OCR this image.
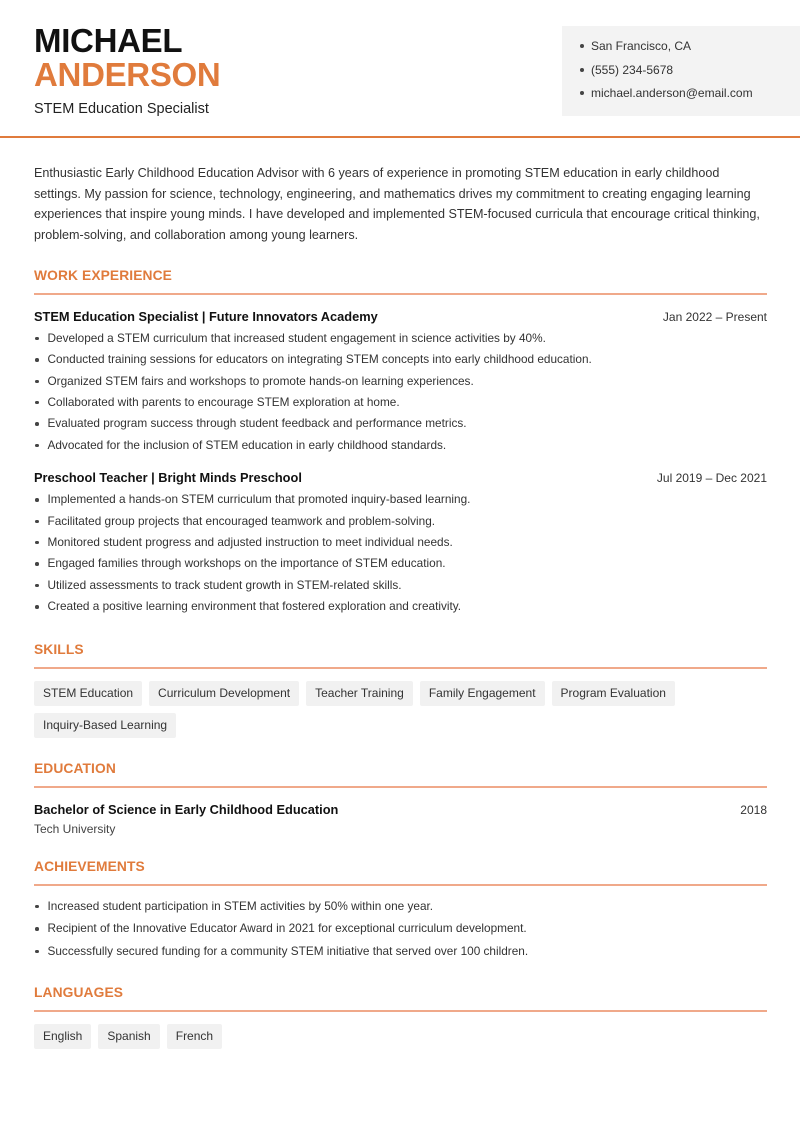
MICHAEL
ANDERSON
STEM Education Specialist
San Francisco, CA
(555) 234-5678
michael.anderson@email.com

Enthusiastic Early Childhood Education Advisor with 6 years of experience in promoting STEM education in early childhood settings. My passion for science, technology, engineering, and mathematics drives my commitment to creating engaging learning experiences that inspire young minds. I have developed and implemented STEM-focused curricula that encourage critical thinking, problem-solving, and collaboration among young learners.

WORK EXPERIENCE
STEM Education Specialist | Future Innovators Academy	Jan 2022 – Present
Developed a STEM curriculum that increased student engagement in science activities by 40%.
Conducted training sessions for educators on integrating STEM concepts into early childhood education.
Organized STEM fairs and workshops to promote hands-on learning experiences.
Collaborated with parents to encourage STEM exploration at home.
Evaluated program success through student feedback and performance metrics.
Advocated for the inclusion of STEM education in early childhood standards.
Preschool Teacher | Bright Minds Preschool	Jul 2019 – Dec 2021
Implemented a hands-on STEM curriculum that promoted inquiry-based learning.
Facilitated group projects that encouraged teamwork and problem-solving.
Monitored student progress and adjusted instruction to meet individual needs.
Engaged families through workshops on the importance of STEM education.
Utilized assessments to track student growth in STEM-related skills.
Created a positive learning environment that fostered exploration and creativity.
SKILLS
STEM Education	Curriculum Development	Teacher Training	Family Engagement	Program Evaluation
Inquiry-Based Learning
EDUCATION
Bachelor of Science in Early Childhood Education	2018
Tech University
ACHIEVEMENTS
Increased student participation in STEM activities by 50% within one year.
Recipient of the Innovative Educator Award in 2021 for exceptional curriculum development.
Successfully secured funding for a community STEM initiative that served over 100 children.
LANGUAGES
English	Spanish	French
